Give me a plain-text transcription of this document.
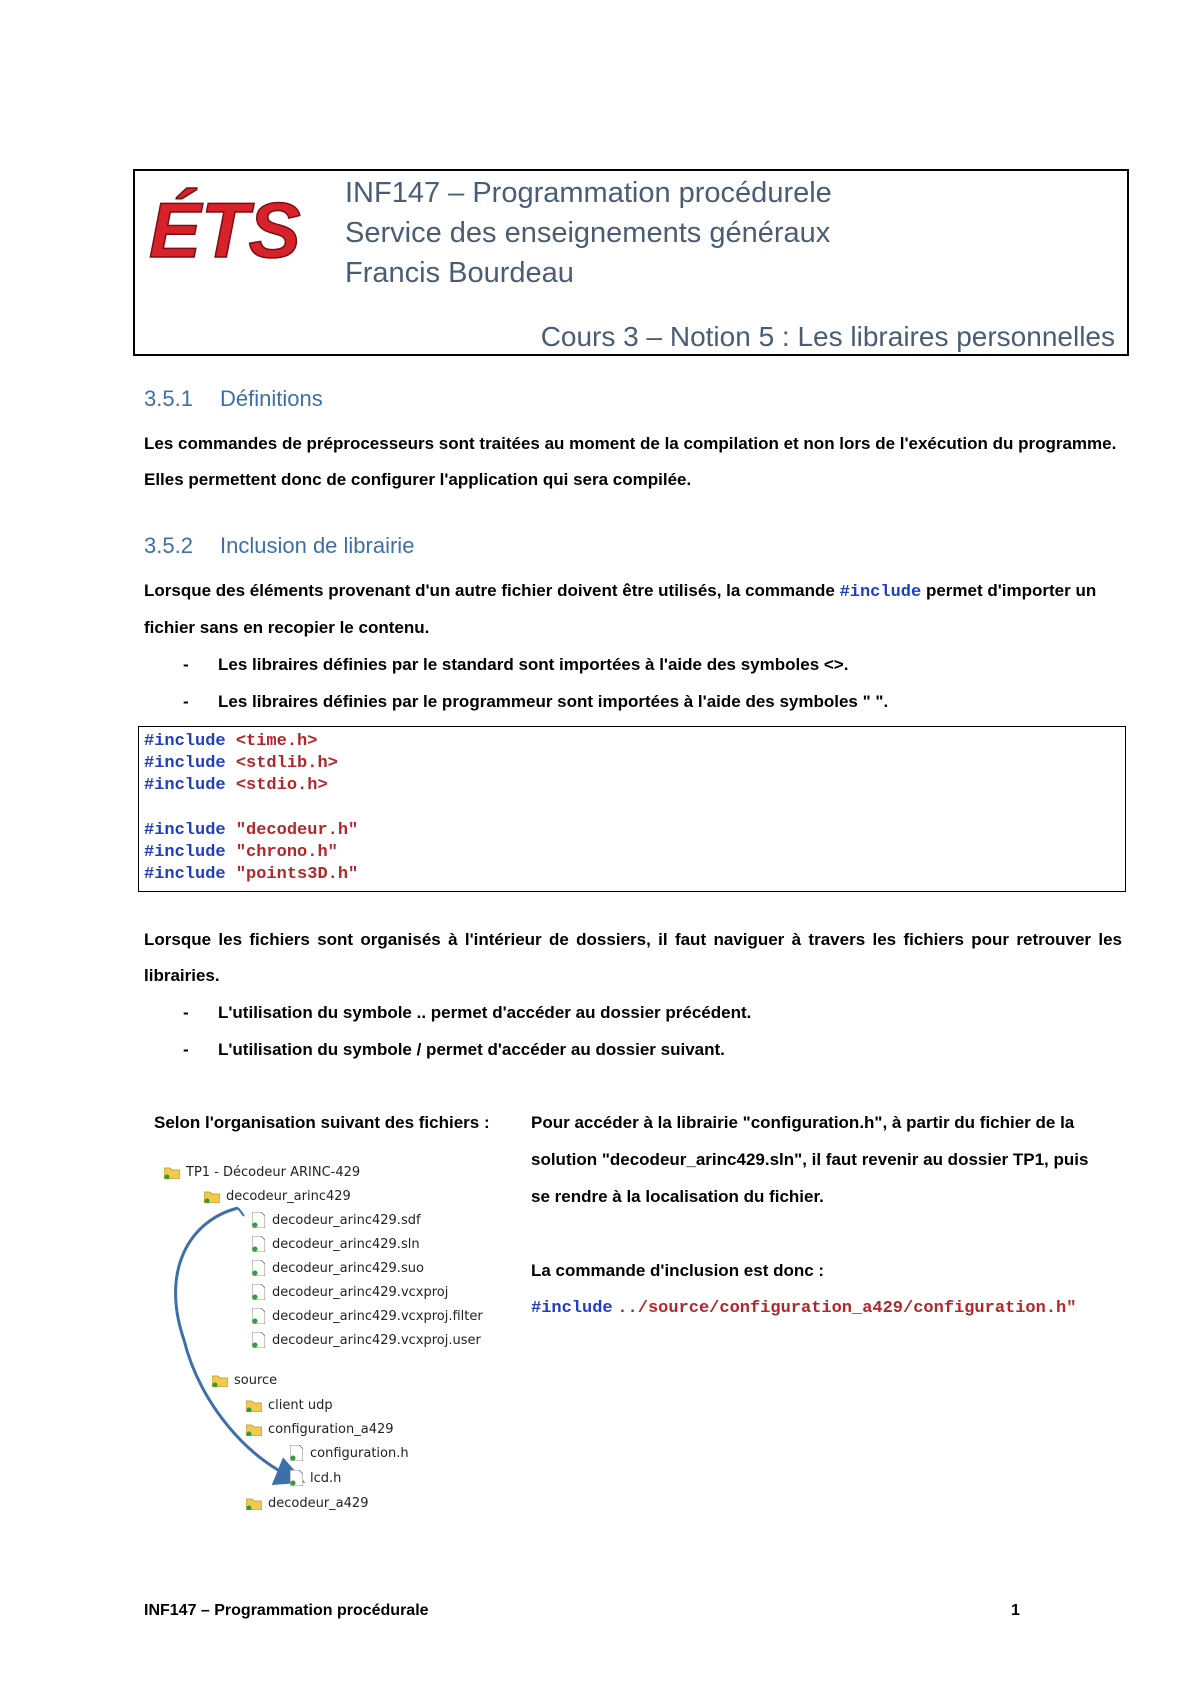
ÉTS INF147 – Programmation procédurele
Service des enseignements généraux
Francis Bourdeau
Cours 3 – Notion 5 : Les libraires personnelles
3.5.1 Définitions
Les commandes de préprocesseurs sont traitées au moment de la compilation et non lors de l'exécution du programme.
Elles permettent donc de configurer l'application qui sera compilée.
3.5.2 Inclusion de librairie
Lorsque des éléments provenant d'un autre fichier doivent être utilisés, la commande #include permet d'importer un
fichier sans en recopier le contenu.
- Les libraires définies par le standard sont importées à l'aide des symboles <>.
- Les libraires définies par le programmeur sont importées à l'aide des symboles " ".
#include <time.h>
#include <stdlib.h>
#include <stdio.h>
#include "decodeur.h"
#include "chrono.h"
#include "points3D.h"
Lorsque les fichiers sont organisés à l'intérieur de dossiers, il faut naviguer à travers les fichiers pour retrouver les
librairies.
- L'utilisation du symbole .. permet d'accéder au dossier précédent.
- L'utilisation du symbole / permet d'accéder au dossier suivant.
Selon l'organisation suivant des fichiers :
TP1 - Décodeur ARINC-429
decodeur_arinc429
decodeur_arinc429.sdf
decodeur_arinc429.sln
decodeur_arinc429.suo
decodeur_arinc429.vcxproj
decodeur_arinc429.vcxproj.filter
decodeur_arinc429.vcxproj.user
source
client udp
configuration_a429
configuration.h
lcd.h
decodeur_a429
Pour accéder à la librairie "configuration.h", à partir du fichier de la
solution "decodeur_arinc429.sln", il faut revenir au dossier TP1, puis
se rendre à la localisation du fichier.
La commande d'inclusion est donc :
#include ../source/configuration_a429/configuration.h"
INF147 – Programmation procédurale	1
